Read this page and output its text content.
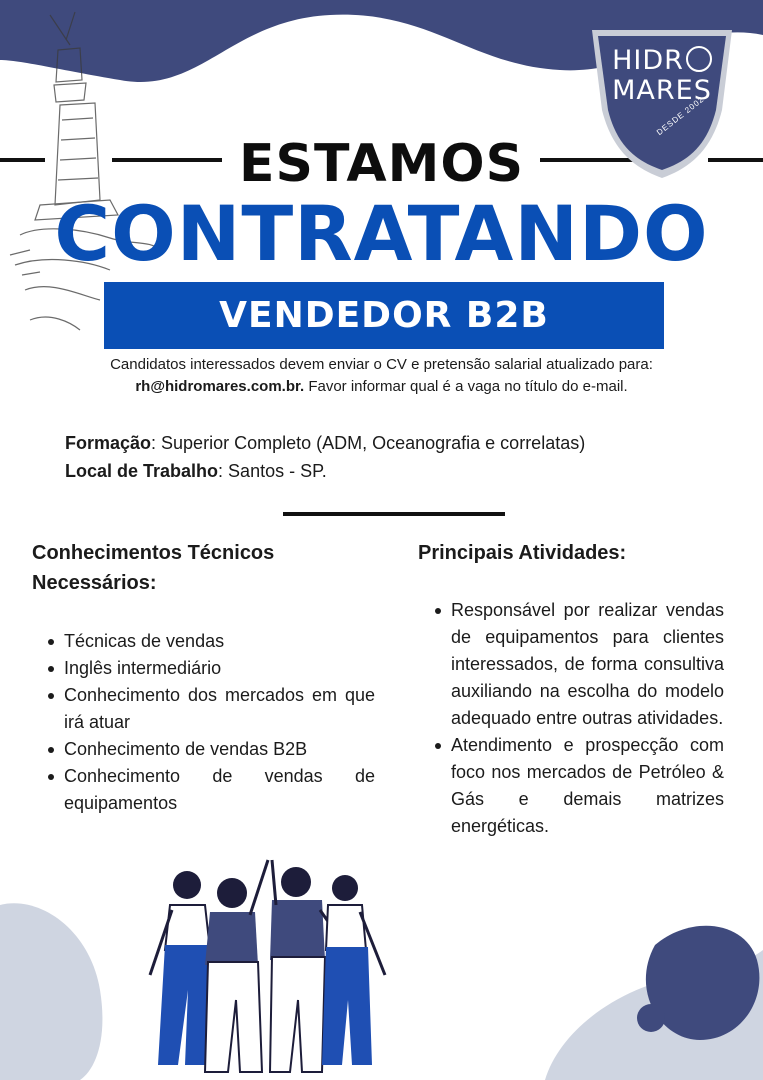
HIDR
MARES
DESDE 2002
ESTAMOS
CONTRATANDO
VENDEDOR B2B
Candidatos interessados devem enviar o CV e pretensão salarial atualizado para:
rh@hidromares.com.br. Favor informar qual é a vaga no título do e-mail.
Formação: Superior Completo (ADM, Oceanografia e correlatas)
Local de Trabalho: Santos - SP.
Conhecimentos Técnicos
Necessários:
Técnicas de vendas
Inglês intermediário
Conhecimento dos mercados em que irá atuar
Conhecimento de vendas B2B
Conhecimento de vendas de equipamentos
Principais Atividades:
Responsável por realizar vendas de equipamentos para clientes interessados, de forma consultiva auxiliando na escolha do modelo adequado entre outras atividades.
Atendimento e prospecção com foco nos mercados de Petróleo & Gás e demais matrizes energéticas.
